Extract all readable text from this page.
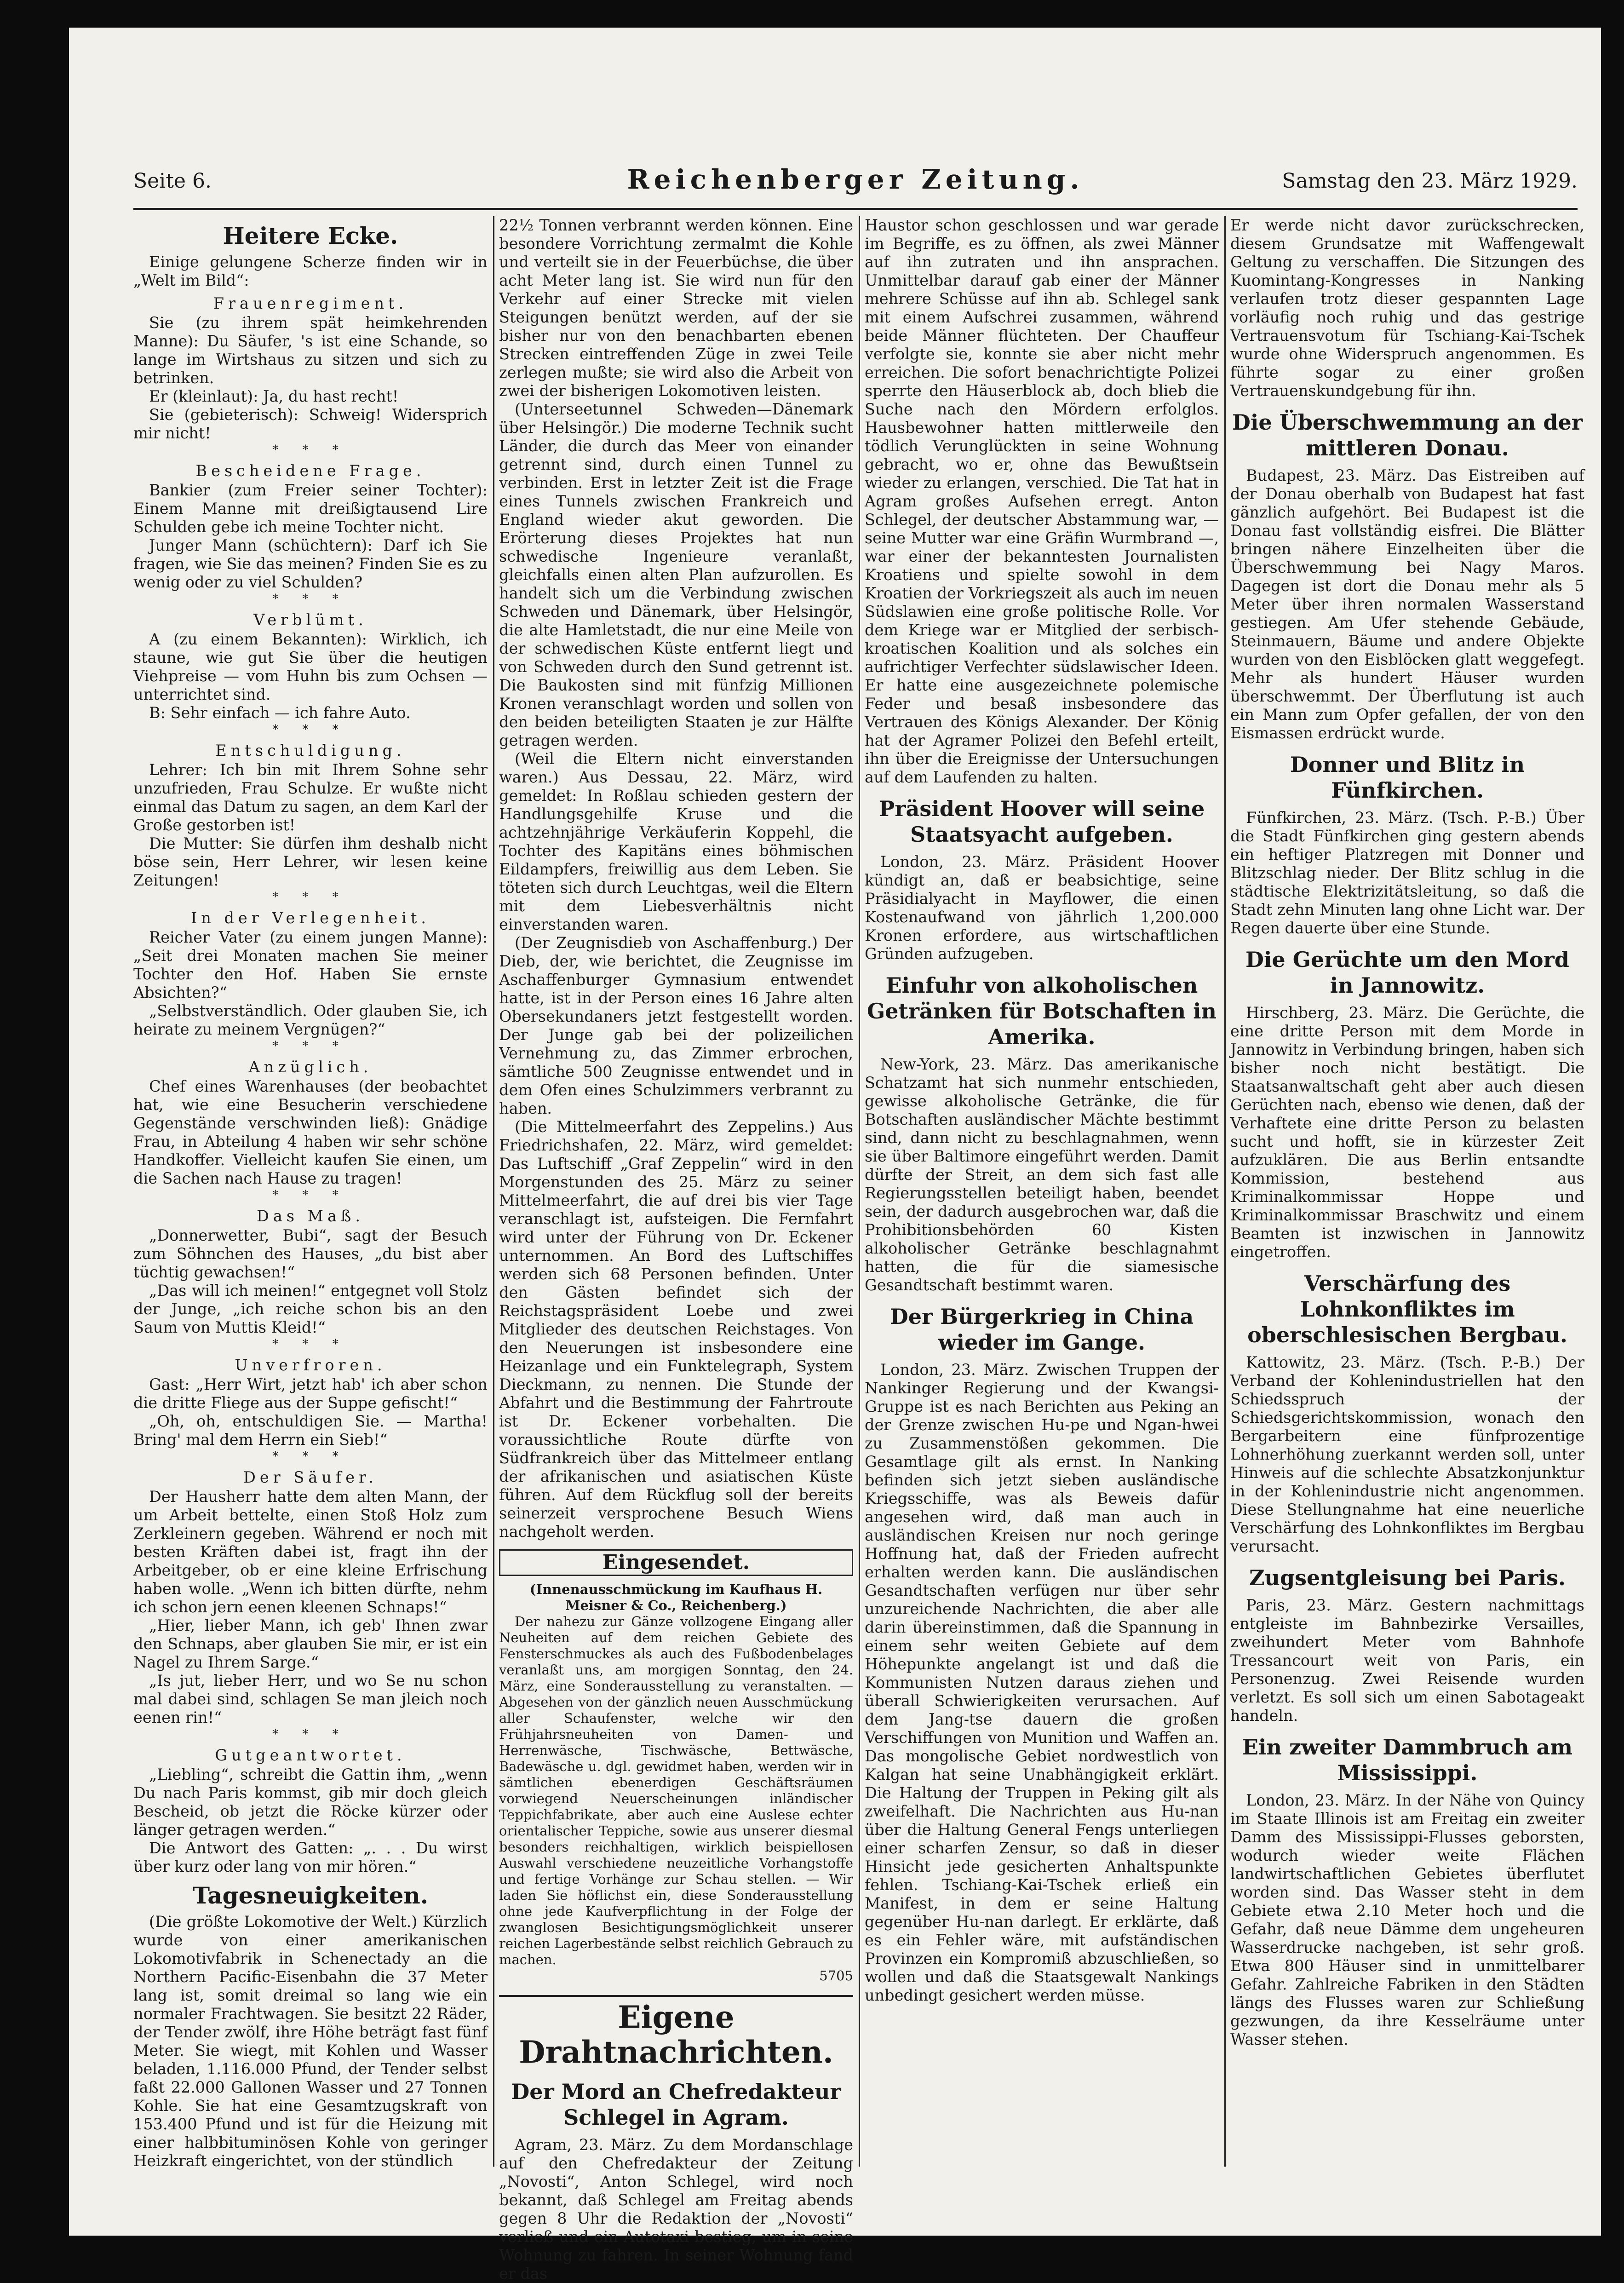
Seite 6.	Reichenberger Zeitung.	Samstag den 23. März 1929.
Heitere Ecke.

Einige gelungene Scherze finden wir in „Welt im Bild“:

Frauenregiment.

Sie (zu ihrem spät heimkehrenden Manne): Du Säufer, 's ist eine Schande, so lange im Wirtshaus zu sitzen und sich zu betrinken.

Er (kleinlaut): Ja, du hast recht!

Sie (gebieterisch): Schweig! Widersprich mir nicht!

* * *
Bescheidene Frage.

Bankier (zum Freier seiner Tochter): Einem Manne mit dreißigtausend Lire Schulden gebe ich meine Tochter nicht.

Junger Mann (schüchtern): Darf ich Sie fragen, wie Sie das meinen? Finden Sie es zu wenig oder zu viel Schulden?

* * *
Verblümt.

A (zu einem Bekannten): Wirklich, ich staune, wie gut Sie über die heutigen Viehpreise — vom Huhn bis zum Ochsen — unterrichtet sind.

B: Sehr einfach — ich fahre Auto.

* * *
Entschuldigung.

Lehrer: Ich bin mit Ihrem Sohne sehr unzufrieden, Frau Schulze. Er wußte nicht einmal das Datum zu sagen, an dem Karl der Große gestorben ist!

Die Mutter: Sie dürfen ihm deshalb nicht böse sein, Herr Lehrer, wir lesen keine Zeitungen!

* * *
In der Verlegenheit.

Reicher Vater (zu einem jungen Manne): „Seit drei Monaten machen Sie meiner Tochter den Hof. Haben Sie ernste Absichten?“

„Selbstverständlich. Oder glauben Sie, ich heirate zu meinem Vergnügen?“

* * *
Anzüglich.

Chef eines Warenhauses (der beobachtet hat, wie eine Besucherin verschiedene Gegenstände verschwinden ließ): Gnädige Frau, in Abteilung 4 haben wir sehr schöne Handkoffer. Vielleicht kaufen Sie einen, um die Sachen nach Hause zu tragen!

* * *
Das Maß.

„Donnerwetter, Bubi“, sagt der Besuch zum Söhnchen des Hauses, „du bist aber tüchtig gewachsen!“

„Das will ich meinen!“ entgegnet voll Stolz der Junge, „ich reiche schon bis an den Saum von Muttis Kleid!“

* * *
Unverfroren.

Gast: „Herr Wirt, jetzt hab' ich aber schon die dritte Fliege aus der Suppe gefischt!“

„Oh, oh, entschuldigen Sie. — Martha! Bring' mal dem Herrn ein Sieb!“

* * *
Der Säufer.

Der Hausherr hatte dem alten Mann, der um Arbeit bettelte, einen Stoß Holz zum Zerkleinern gegeben. Während er noch mit besten Kräften dabei ist, fragt ihn der Arbeitgeber, ob er eine kleine Erfrischung haben wolle. „Wenn ich bitten dürfte, nehm ich schon jern eenen kleenen Schnaps!“

„Hier, lieber Mann, ich geb' Ihnen zwar den Schnaps, aber glauben Sie mir, er ist ein Nagel zu Ihrem Sarge.“

„Is jut, lieber Herr, und wo Se nu schon mal dabei sind, schlagen Se man jleich noch eenen rin!“

* * *
Gutgeantwortet.

„Liebling“, schreibt die Gattin ihm, „wenn Du nach Paris kommst, gib mir doch gleich Bescheid, ob jetzt die Röcke kürzer oder länger getragen werden.“

Die Antwort des Gatten: „. . . Du wirst über kurz oder lang von mir hören.“

Tagesneuigkeiten.

(Die größte Lokomotive der Welt.) Kürzlich wurde von einer amerikanischen Lokomotivfabrik in Schenectady an die Northern Pacific-Eisenbahn die 37 Meter lang ist, somit dreimal so lang wie ein normaler Frachtwagen. Sie besitzt 22 Räder, der Tender zwölf, ihre Höhe beträgt fast fünf Meter. Sie wiegt, mit Kohlen und Wasser beladen, 1.116.000 Pfund, der Tender selbst faßt 22.000 Gallonen Wasser und 27 Tonnen Kohle. Sie hat eine Gesamtzugskraft von 153.400 Pfund und ist für die Heizung mit einer halbbituminösen Kohle von geringer Heizkraft eingerichtet, von der stündlich

22½ Tonnen verbrannt werden können. Eine besondere Vorrichtung zermalmt die Kohle und verteilt sie in der Feuerbüchse, die über acht Meter lang ist. Sie wird nun für den Verkehr auf einer Strecke mit vielen Steigungen benützt werden, auf der sie bisher nur von den benachbarten ebenen Strecken eintreffenden Züge in zwei Teile zerlegen mußte; sie wird also die Arbeit von zwei der bisherigen Lokomotiven leisten.

(Unterseetunnel Schweden—Dänemark über Helsingör.) Die moderne Technik sucht Länder, die durch das Meer von einander getrennt sind, durch einen Tunnel zu verbinden. Erst in letzter Zeit ist die Frage eines Tunnels zwischen Frankreich und England wieder akut geworden. Die Erörterung dieses Projektes hat nun schwedische Ingenieure veranlaßt, gleichfalls einen alten Plan aufzurollen. Es handelt sich um die Verbindung zwischen Schweden und Dänemark, über Helsingör, die alte Hamletstadt, die nur eine Meile von der schwedischen Küste entfernt liegt und von Schweden durch den Sund getrennt ist. Die Baukosten sind mit fünfzig Millionen Kronen veranschlagt worden und sollen von den beiden beteiligten Staaten je zur Hälfte getragen werden.

(Weil die Eltern nicht einverstanden waren.) Aus Dessau, 22. März, wird gemeldet: In Roßlau schieden gestern der Handlungsgehilfe Kruse und die achtzehnjährige Verkäuferin Koppehl, die Tochter des Kapitäns eines böhmischen Eildampfers, freiwillig aus dem Leben. Sie töteten sich durch Leuchtgas, weil die Eltern mit dem Liebesverhältnis nicht einverstanden waren.

(Der Zeugnisdieb von Aschaffenburg.) Der Dieb, der, wie berichtet, die Zeugnisse im Aschaffenburger Gymnasium entwendet hatte, ist in der Person eines 16 Jahre alten Obersekundaners jetzt festgestellt worden. Der Junge gab bei der polizeilichen Vernehmung zu, das Zimmer erbrochen, sämtliche 500 Zeugnisse entwendet und in dem Ofen eines Schulzimmers verbrannt zu haben.

(Die Mittelmeerfahrt des Zeppelins.) Aus Friedrichshafen, 22. März, wird gemeldet: Das Luftschiff „Graf Zeppelin“ wird in den Morgenstunden des 25. März zu seiner Mittelmeerfahrt, die auf drei bis vier Tage veranschlagt ist, aufsteigen. Die Fernfahrt wird unter der Führung von Dr. Eckener unternommen. An Bord des Luftschiffes werden sich 68 Personen befinden. Unter den Gästen befindet sich der Reichstagspräsident Loebe und zwei Mitglieder des deutschen Reichstages. Von den Neuerungen ist insbesondere eine Heizanlage und ein Funktelegraph, System Dieckmann, zu nennen. Die Stunde der Abfahrt und die Bestimmung der Fahrtroute ist Dr. Eckener vorbehalten. Die voraussichtliche Route dürfte von Südfrankreich über das Mittelmeer entlang der afrikanischen und asiatischen Küste führen. Auf dem Rückflug soll der bereits seinerzeit versprochene Besuch Wiens nachgeholt werden.

Eingesendet.

(Innenausschmückung im Kaufhaus H. Meisner & Co., Reichenberg.)

Der nahezu zur Gänze vollzogene Eingang aller Neuheiten auf dem reichen Gebiete des Fensterschmuckes als auch des Fußbodenbelages veranlaßt uns, am morgigen Sonntag, den 24. März, eine Sonderausstellung zu veranstalten. — Abgesehen von der gänzlich neuen Ausschmückung aller Schaufenster, welche wir den Frühjahrsneuheiten von Damen- und Herrenwäsche, Tischwäsche, Bettwäsche, Badewäsche u. dgl. gewidmet haben, werden wir in sämtlichen ebenerdigen Geschäftsräumen vorwiegend Neuerscheinungen inländischer Teppichfabrikate, aber auch eine Auslese echter orientalischer Teppiche, sowie aus unserer diesmal besonders reichhaltigen, wirklich beispiellosen Auswahl verschiedene neuzeitliche Vorhangstoffe und fertige Vorhänge zur Schau stellen. — Wir laden Sie höflichst ein, diese Sonderausstellung ohne jede Kaufverpflichtung in der Folge der zwanglosen Besichtigungsmöglichkeit unserer reichen Lagerbestände selbst reichlich Gebrauch zu machen.

5705

Eigene Drahtnachrichten.
Der Mord an Chefredakteur Schlegel in Agram.

Agram, 23. März. Zu dem Mordanschlage auf den Chefredakteur der Zeitung „Novosti“, Anton Schlegel, wird noch bekannt, daß Schlegel am Freitag abends gegen 8 Uhr die Redaktion der „Novosti“ verließ und ein Autotaxi bestieg, um in seine Wohnung zu fahren. In seiner Wohnung fand er das

Haustor schon geschlossen und war gerade im Begriffe, es zu öffnen, als zwei Männer auf ihn zutraten und ihn ansprachen. Unmittelbar darauf gab einer der Männer mehrere Schüsse auf ihn ab. Schlegel sank mit einem Aufschrei zusammen, während beide Männer flüchteten. Der Chauffeur verfolgte sie, konnte sie aber nicht mehr erreichen. Die sofort benachrichtigte Polizei sperrte den Häuserblock ab, doch blieb die Suche nach den Mördern erfolglos. Hausbewohner hatten mittlerweile den tödlich Verunglückten in seine Wohnung gebracht, wo er, ohne das Bewußtsein wieder zu erlangen, verschied. Die Tat hat in Agram großes Aufsehen erregt. Anton Schlegel, der deutscher Abstammung war, — seine Mutter war eine Gräfin Wurmbrand —, war einer der bekanntesten Journalisten Kroatiens und spielte sowohl in dem Kroatien der Vorkriegszeit als auch im neuen Südslawien eine große politische Rolle. Vor dem Kriege war er Mitglied der serbisch-kroatischen Koalition und als solches ein aufrichtiger Verfechter südslawischer Ideen. Er hatte eine ausgezeichnete polemische Feder und besaß insbesondere das Vertrauen des Königs Alexander. Der König hat der Agramer Polizei den Befehl erteilt, ihn über die Ereignisse der Untersuchungen auf dem Laufenden zu halten.

Präsident Hoover will seine Staatsyacht aufgeben.

London, 23. März. Präsident Hoover kündigt an, daß er beabsichtige, seine Präsidialyacht in Mayflower, die einen Kostenaufwand von jährlich 1,200.000 Kronen erfordere, aus wirtschaftlichen Gründen aufzugeben.

Einfuhr von alkoholischen Getränken für Botschaften in Amerika.

New-York, 23. März. Das amerikanische Schatzamt hat sich nunmehr entschieden, gewisse alkoholische Getränke, die für Botschaften ausländischer Mächte bestimmt sind, dann nicht zu beschlagnahmen, wenn sie über Baltimore eingeführt werden. Damit dürfte der Streit, an dem sich fast alle Regierungsstellen beteiligt haben, beendet sein, der dadurch ausgebrochen war, daß die Prohibitionsbehörden 60 Kisten alkoholischer Getränke beschlagnahmt hatten, die für die siamesische Gesandtschaft bestimmt waren.

Der Bürgerkrieg in China wieder im Gange.

London, 23. März. Zwischen Truppen der Nankinger Regierung und der Kwangsi-Gruppe ist es nach Berichten aus Peking an der Grenze zwischen Hu-pe und Ngan-hwei zu Zusammenstößen gekommen. Die Gesamtlage gilt als ernst. In Nanking befinden sich jetzt sieben ausländische Kriegsschiffe, was als Beweis dafür angesehen wird, daß man auch in ausländischen Kreisen nur noch geringe Hoffnung hat, daß der Frieden aufrecht erhalten werden kann. Die ausländischen Gesandtschaften verfügen nur über sehr unzureichende Nachrichten, die aber alle darin übereinstimmen, daß die Spannung in einem sehr weiten Gebiete auf dem Höhepunkte angelangt ist und daß die Kommunisten Nutzen daraus ziehen und überall Schwierigkeiten verursachen. Auf dem Jang-tse dauern die großen Verschiffungen von Munition und Waffen an. Das mongolische Gebiet nordwestlich von Kalgan hat seine Unabhängigkeit erklärt. Die Haltung der Truppen in Peking gilt als zweifelhaft. Die Nachrichten aus Hu-nan über die Haltung General Fengs unterliegen einer scharfen Zensur, so daß in dieser Hinsicht jede gesicherten Anhaltspunkte fehlen. Tschiang-Kai-Tschek erließ ein Manifest, in dem er seine Haltung gegenüber Hu-nan darlegt. Er erklärte, daß es ein Fehler wäre, mit aufständischen Provinzen ein Kompromiß abzuschließen, so wollen und daß die Staatsgewalt Nankings unbedingt gesichert werden müsse.

Er werde nicht davor zurückschrecken, diesem Grundsatze mit Waffengewalt Geltung zu verschaffen. Die Sitzungen des Kuomintang-Kongresses in Nanking verlaufen trotz dieser gespannten Lage vorläufig noch ruhig und das gestrige Vertrauensvotum für Tschiang-Kai-Tschek wurde ohne Widerspruch angenommen. Es führte sogar zu einer großen Vertrauenskundgebung für ihn.

Die Überschwemmung an der mittleren Donau.

Budapest, 23. März. Das Eistreiben auf der Donau oberhalb von Budapest hat fast gänzlich aufgehört. Bei Budapest ist die Donau fast vollständig eisfrei. Die Blätter bringen nähere Einzelheiten über die Überschwemmung bei Nagy Maros. Dagegen ist dort die Donau mehr als 5 Meter über ihren normalen Wasserstand gestiegen. Am Ufer stehende Gebäude, Steinmauern, Bäume und andere Objekte wurden von den Eisblöcken glatt weggefegt. Mehr als hundert Häuser wurden überschwemmt. Der Überflutung ist auch ein Mann zum Opfer gefallen, der von den Eismassen erdrückt wurde.

Donner und Blitz in Fünfkirchen.

Fünfkirchen, 23. März. (Tsch. P.-B.) Über die Stadt Fünfkirchen ging gestern abends ein heftiger Platzregen mit Donner und Blitzschlag nieder. Der Blitz schlug in die städtische Elektrizitätsleitung, so daß die Stadt zehn Minuten lang ohne Licht war. Der Regen dauerte über eine Stunde.

Die Gerüchte um den Mord in Jannowitz.

Hirschberg, 23. März. Die Gerüchte, die eine dritte Person mit dem Morde in Jannowitz in Verbindung bringen, haben sich bisher noch nicht bestätigt. Die Staatsanwaltschaft geht aber auch diesen Gerüchten nach, ebenso wie denen, daß der Verhaftete eine dritte Person zu belasten sucht und hofft, sie in kürzester Zeit aufzuklären. Die aus Berlin entsandte Kommission, bestehend aus Kriminalkommissar Hoppe und Kriminalkommissar Braschwitz und einem Beamten ist inzwischen in Jannowitz eingetroffen.

Verschärfung des Lohnkonfliktes im oberschlesischen Bergbau.

Kattowitz, 23. März. (Tsch. P.-B.) Der Verband der Kohlenindustriellen hat den Schiedsspruch der Schiedsgerichtskommission, wonach den Bergarbeitern eine fünfprozentige Lohnerhöhung zuerkannt werden soll, unter Hinweis auf die schlechte Absatzkonjunktur in der Kohlenindustrie nicht angenommen. Diese Stellungnahme hat eine neuerliche Verschärfung des Lohnkonfliktes im Bergbau verursacht.

Zugsentgleisung bei Paris.

Paris, 23. März. Gestern nachmittags entgleiste im Bahnbezirke Versailles, zweihundert Meter vom Bahnhofe Tressancourt weit von Paris, ein Personenzug. Zwei Reisende wurden verletzt. Es soll sich um einen Sabotageakt handeln.

Ein zweiter Dammbruch am Mississippi.

London, 23. März. In der Nähe von Quincy im Staate Illinois ist am Freitag ein zweiter Damm des Mississippi-Flusses geborsten, wodurch wieder weite Flächen landwirtschaftlichen Gebietes überflutet worden sind. Das Wasser steht in dem Gebiete etwa 2.10 Meter hoch und die Gefahr, daß neue Dämme dem ungeheuren Wasserdrucke nachgeben, ist sehr groß. Etwa 800 Häuser sind in unmittelbarer Gefahr. Zahlreiche Fabriken in den Städten längs des Flusses waren zur Schließung gezwungen, da ihre Kesselräume unter Wasser stehen.
